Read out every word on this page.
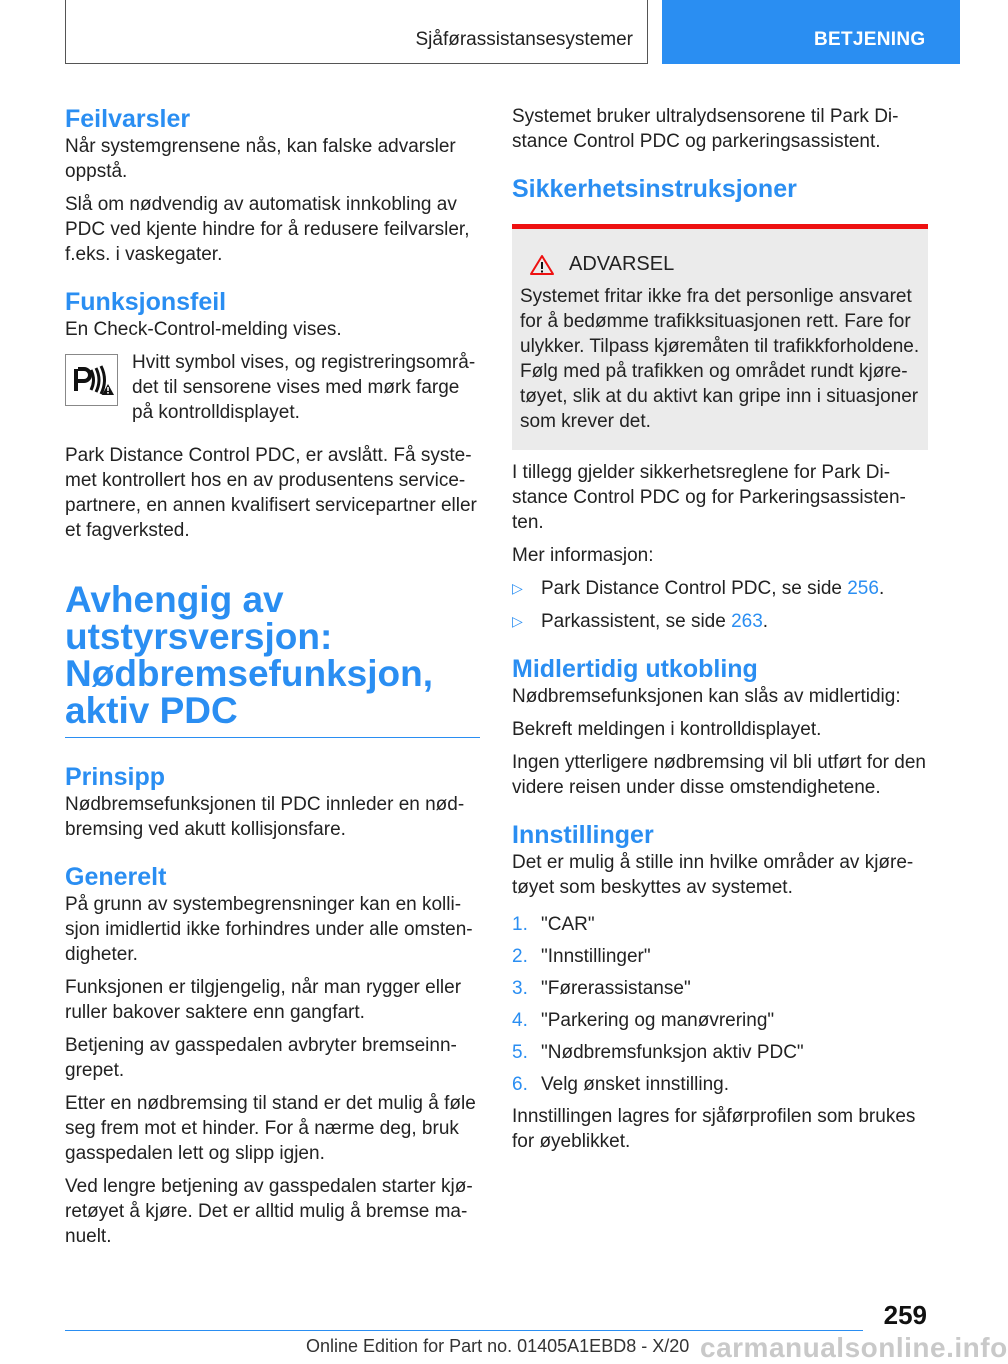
Sjåførassistansesystemer	BETJENING
Feilvarsler

Når systemgrensene nås, kan falske advarsler oppstå.

Slå om nødvendig av automatisk innkobling av PDC ved kjente hindre for å redusere feilvarsler, f.eks. i vaskegater.

Funksjonsfeil

En Check-Control-melding vises.

Hvitt symbol vises, og registreringsområ-det til sensorene vises med mørk farge på kontrolldisplayet.

Park Distance Control PDC, er avslått. Få syste-met kontrollert hos en av produsentens service-partnere, en annen kvalifisert servicepartner eller et fagverksted.

Avhengig av utstyrsversjon: Nødbremsefunksjon, aktiv PDC
Prinsipp

Nødbremsefunksjonen til PDC innleder en nød-bremsing ved akutt kollisjonsfare.

Generelt

På grunn av systembegrensninger kan en kolli-sjon imidlertid ikke forhindres under alle omsten-digheter.

Funksjonen er tilgjengelig, når man rygger eller ruller bakover saktere enn gangfart.

Betjening av gasspedalen avbryter bremseinn-grepet.

Etter en nødbremsing til stand er det mulig å føle seg frem mot et hinder. For å nærme deg, bruk gasspedalen lett og slipp igjen.

Ved lengre betjening av gasspedalen starter kjø-retøyet å kjøre. Det er alltid mulig å bremse ma-nuelt.

Systemet bruker ultralydsensorene til Park Di-stance Control PDC og parkeringsassistent.

Sikkerhetsinstruksjoner
ADVARSEL

Systemet fritar ikke fra det personlige ansvaret for å bedømme trafikksituasjonen rett. Fare for ulykker. Tilpass kjøremåten til trafikkforholdene. Følg med på trafikken og området rundt kjøre-tøyet, slik at du aktivt kan gripe inn i situasjoner som krever det.

I tillegg gjelder sikkerhetsreglene for Park Di-stance Control PDC og for Parkeringsassisten-ten.

Mer informasjon:

▷ Park Distance Control PDC, se side 256.
▷ Parkassistent, se side 263.
Midlertidig utkobling

Nødbremsefunksjonen kan slås av midlertidig:

Bekreft meldingen i kontrolldisplayet.

Ingen ytterligere nødbremsing vil bli utført for den videre reisen under disse omstendighetene.

Innstillinger

Det er mulig å stille inn hvilke områder av kjøre-tøyet som beskyttes av systemet.

1. "CAR"
2. "Innstillinger"
3. "Førerassistanse"
4. "Parkering og manøvrering"
5. "Nødbremsfunksjon aktiv PDC"
6. Velg ønsket innstilling.

Innstillingen lagres for sjåførprofilen som brukes for øyeblikket.

259
carmanualsonline.info
Online Edition for Part no. 01405A1EBD8 - X/20
